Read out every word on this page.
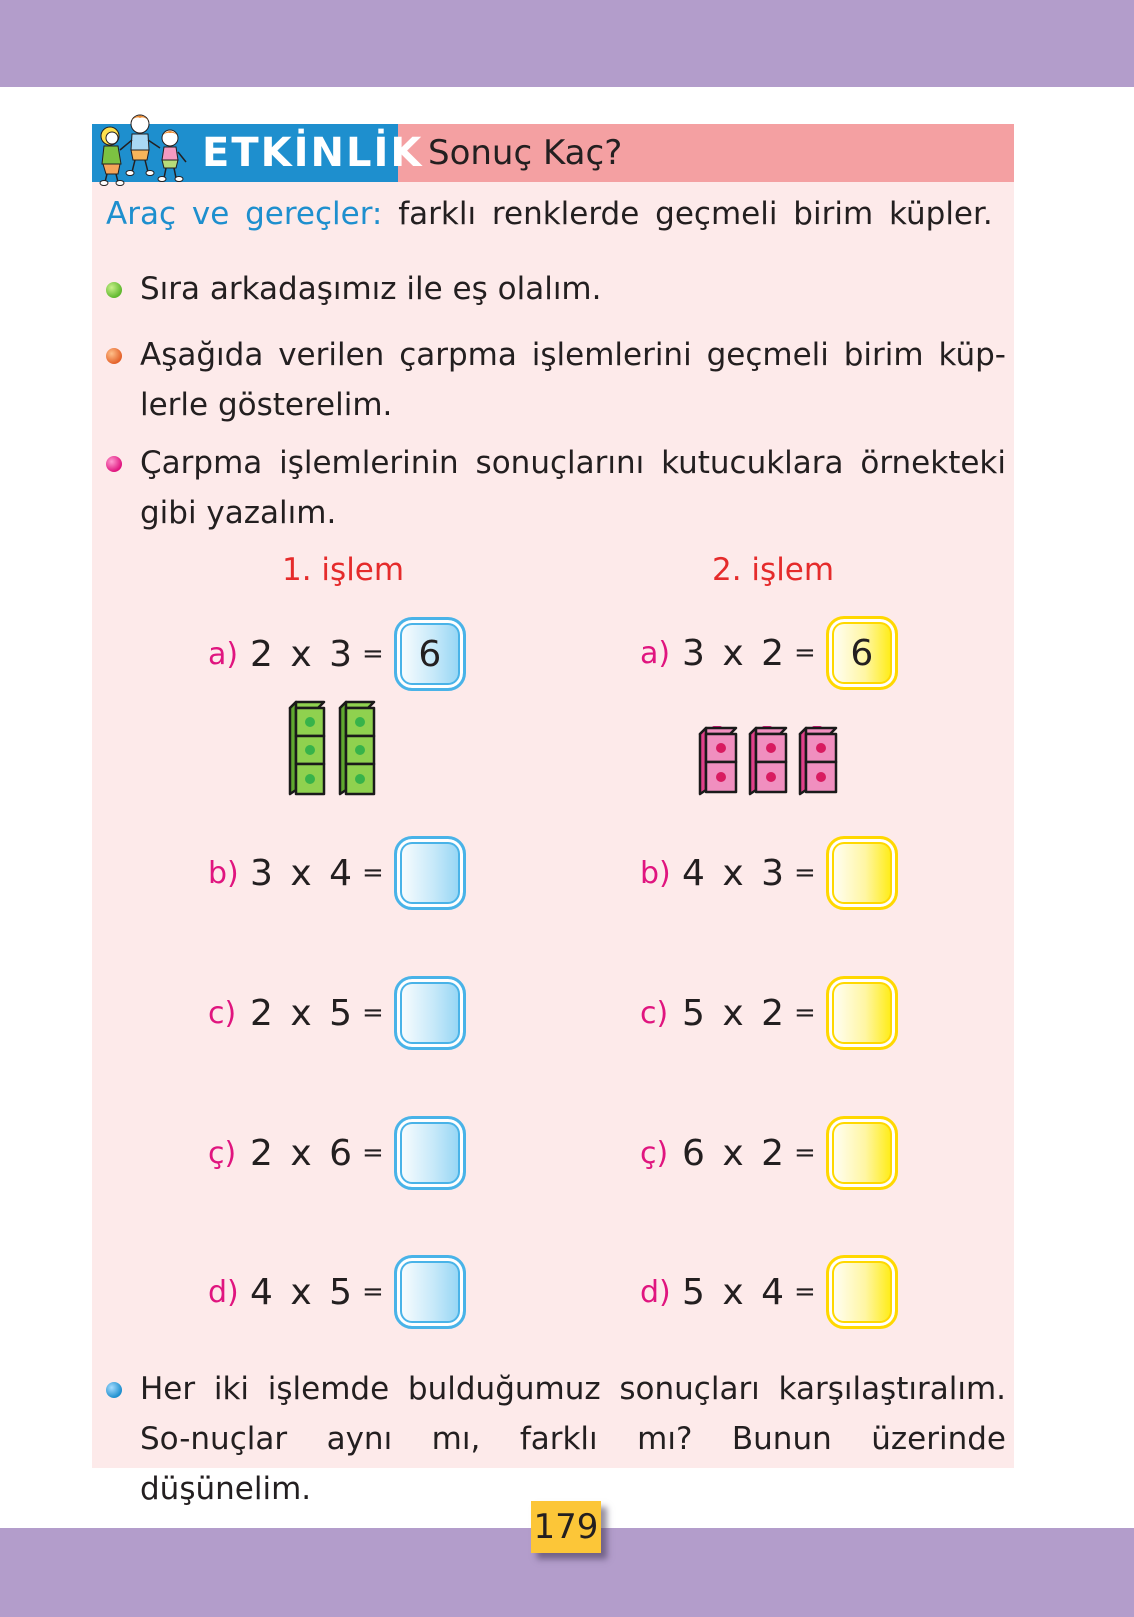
ETKİNLİK Sonuç Kaç?
Araç ve gereçler: farklı renklerde geçmeli birim küpler.
Sıra arkadaşımız ile eş olalım.
Aşağıda verilen çarpma işlemlerini geçmeli birim küp-lerle gösterelim.
Çarpma işlemlerinin sonuçlarını kutucuklara örnekteki gibi yazalım.
1. işlem	2. işlem
a) 2 x 3 = 6
b) 3 x 4 =
c) 2 x 5 =
ç) 2 x 6 =
d) 4 x 5 =
a) 3 x 2 = 6
b) 4 x 3 =
c) 5 x 2 =
ç) 6 x 2 =
d) 5 x 4 =
Her iki işlemde bulduğumuz sonuçları karşılaştıralım. So-nuçlar aynı mı, farklı mı? Bunun üzerinde düşünelim.
179
